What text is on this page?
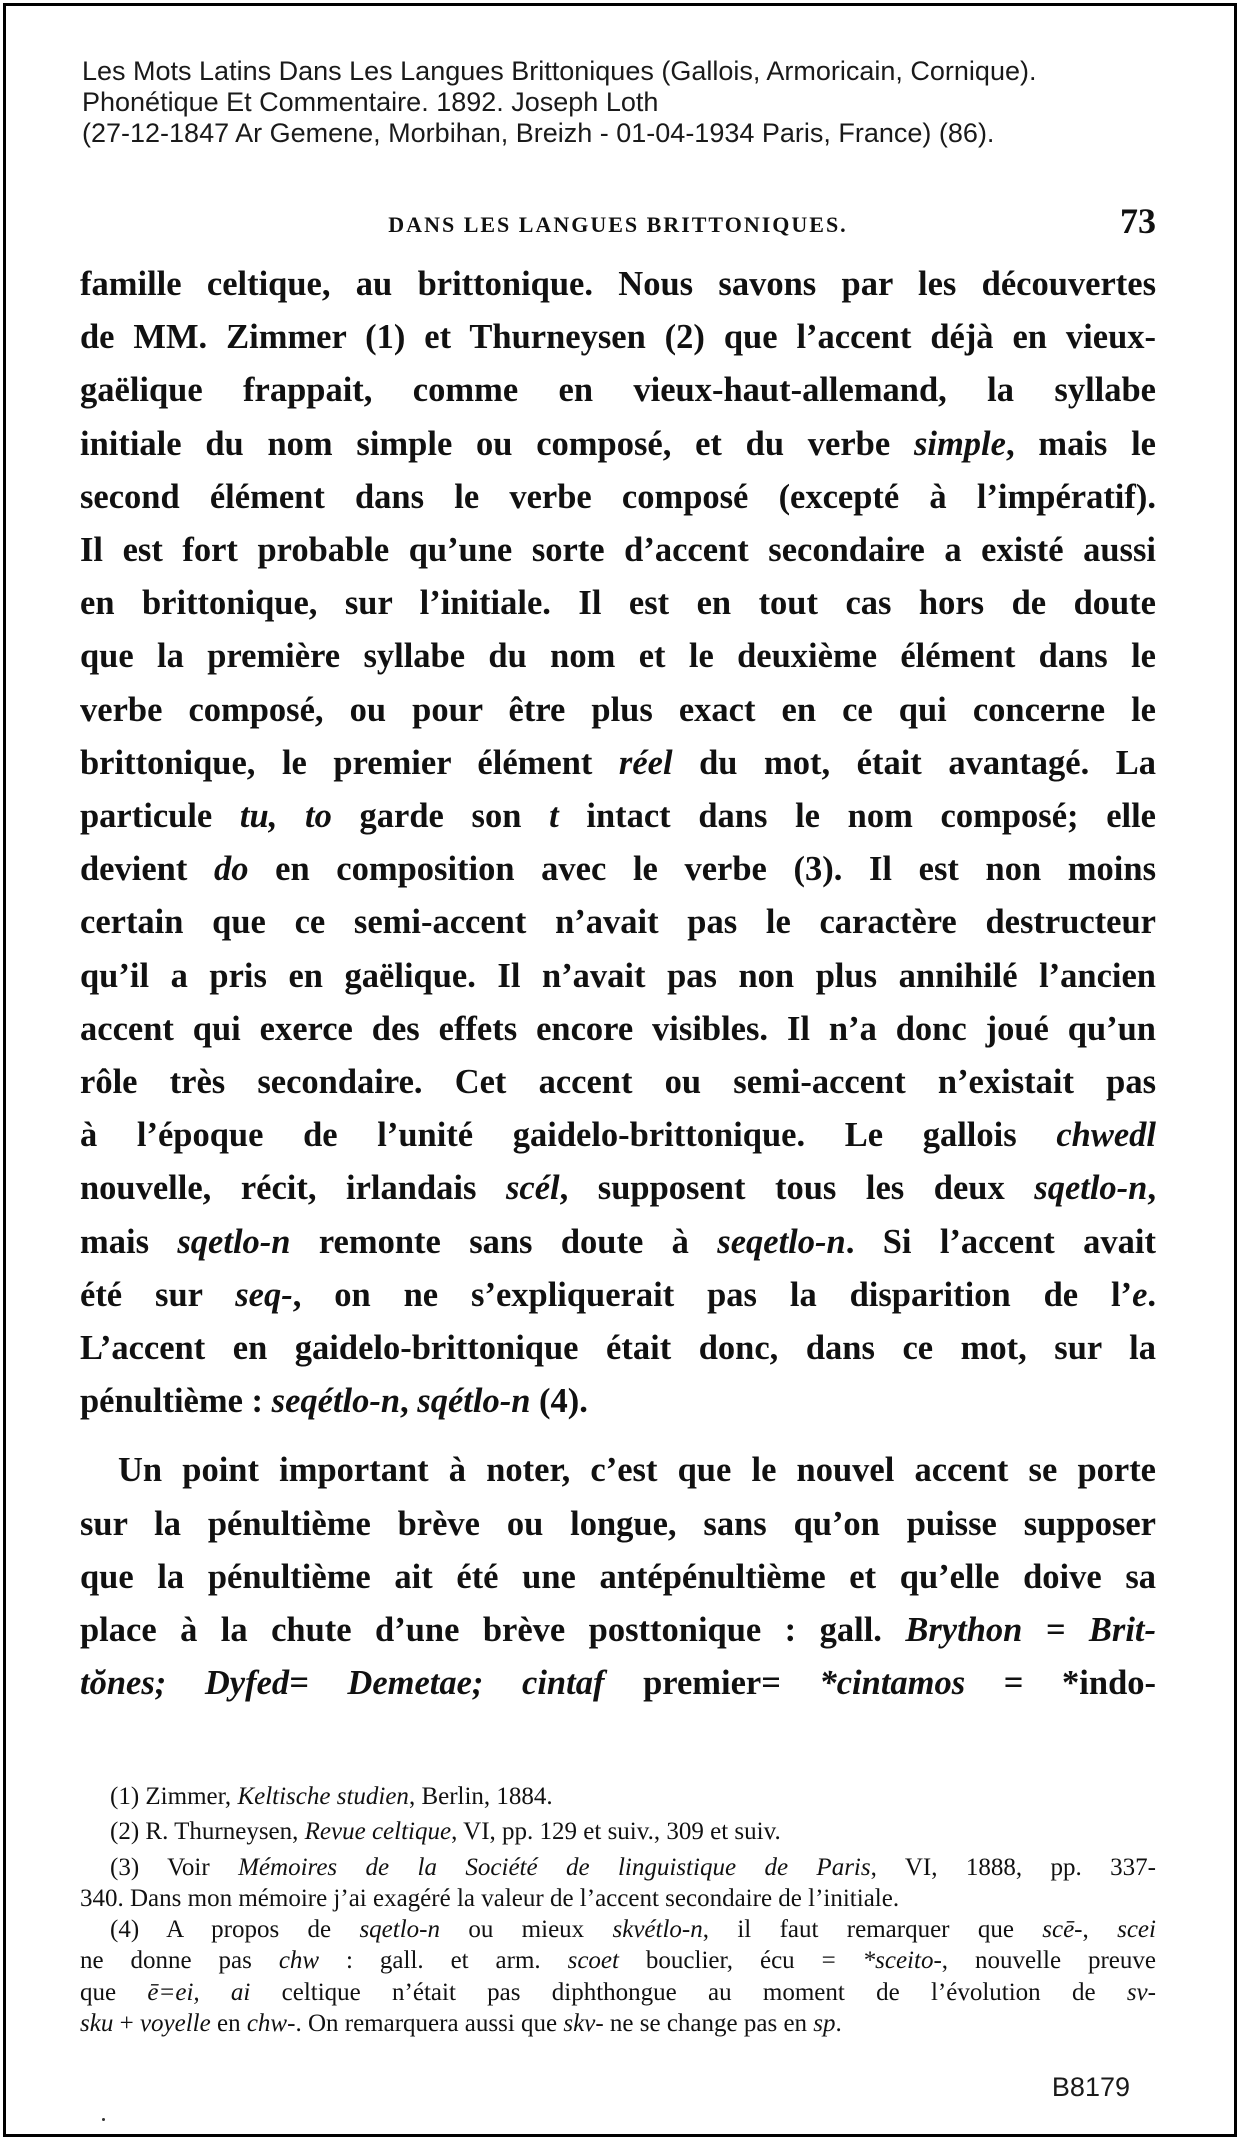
Les Mots Latins Dans Les Langues Brittoniques (Gallois, Armoricain, Cornique).
Phonétique Et Commentaire. 1892. Joseph Loth
(27-12-1847 Ar Gemene, Morbihan, Breizh - 01-04-1934 Paris, France) (86).
DANS LES LANGUES BRITTONIQUES.	73
famille celtique, au brittonique. Nous savons par les découvertes
de MM. Zimmer (1) et Thurneysen (2) que l’accent déjà en vieux-
gaëlique frappait, comme en vieux-haut-allemand, la syllabe
initiale du nom simple ou composé, et du verbe simple, mais le
second élément dans le verbe composé (excepté à l’impératif).
Il est fort probable qu’une sorte d’accent secondaire a existé aussi
en brittonique, sur l’initiale. Il est en tout cas hors de doute
que la première syllabe du nom et le deuxième élément dans le
verbe composé, ou pour être plus exact en ce qui concerne le
brittonique, le premier élément réel du mot, était avantagé. La
particule tu, to garde son t intact dans le nom composé; elle
devient do en composition avec le verbe (3). Il est non moins
certain que ce semi-accent n’avait pas le caractère destructeur
qu’il a pris en gaëlique. Il n’avait pas non plus annihilé l’ancien
accent qui exerce des effets encore visibles. Il n’a donc joué qu’un
rôle très secondaire. Cet accent ou semi-accent n’existait pas
à l’époque de l’unité gaidelo-brittonique. Le gallois chwedl
nouvelle, récit, irlandais scél, supposent tous les deux sqetlo-n,
mais sqetlo-n remonte sans doute à seqetlo-n. Si l’accent avait
été sur seq-, on ne s’expliquerait pas la disparition de l’e.
L’accent en gaidelo-brittonique était donc, dans ce mot, sur la
pénultième : seqétlo-n, sqétlo-n (4).
Un point important à noter, c’est que le nouvel accent se porte
sur la pénultième brève ou longue, sans qu’on puisse supposer
que la pénultième ait été une antépénultième et qu’elle doive sa
place à la chute d’une brève posttonique : gall. Brython = Brit-
tŏnes; Dyfed= Demetae; cintaf premier= *cintamos = *indo-
(1) Zimmer, Keltische studien, Berlin, 1884.
(2) R. Thurneysen, Revue celtique, VI, pp. 129 et suiv., 309 et suiv.
(3) Voir Mémoires de la Société de linguistique de Paris, VI, 1888, pp. 337-
340. Dans mon mémoire j’ai exagéré la valeur de l’accent secondaire de l’initiale.
(4) A propos de sqetlo-n ou mieux skvétlo-n, il faut remarquer que scē-, scei
ne donne pas chw : gall. et arm. scoet bouclier, écu = *sceito-, nouvelle preuve
que ē=ei, ai celtique n’était pas diphthongue au moment de l’évolution de sv-
sku + voyelle en chw-. On remarquera aussi que skv- ne se change pas en sp.
B8179
